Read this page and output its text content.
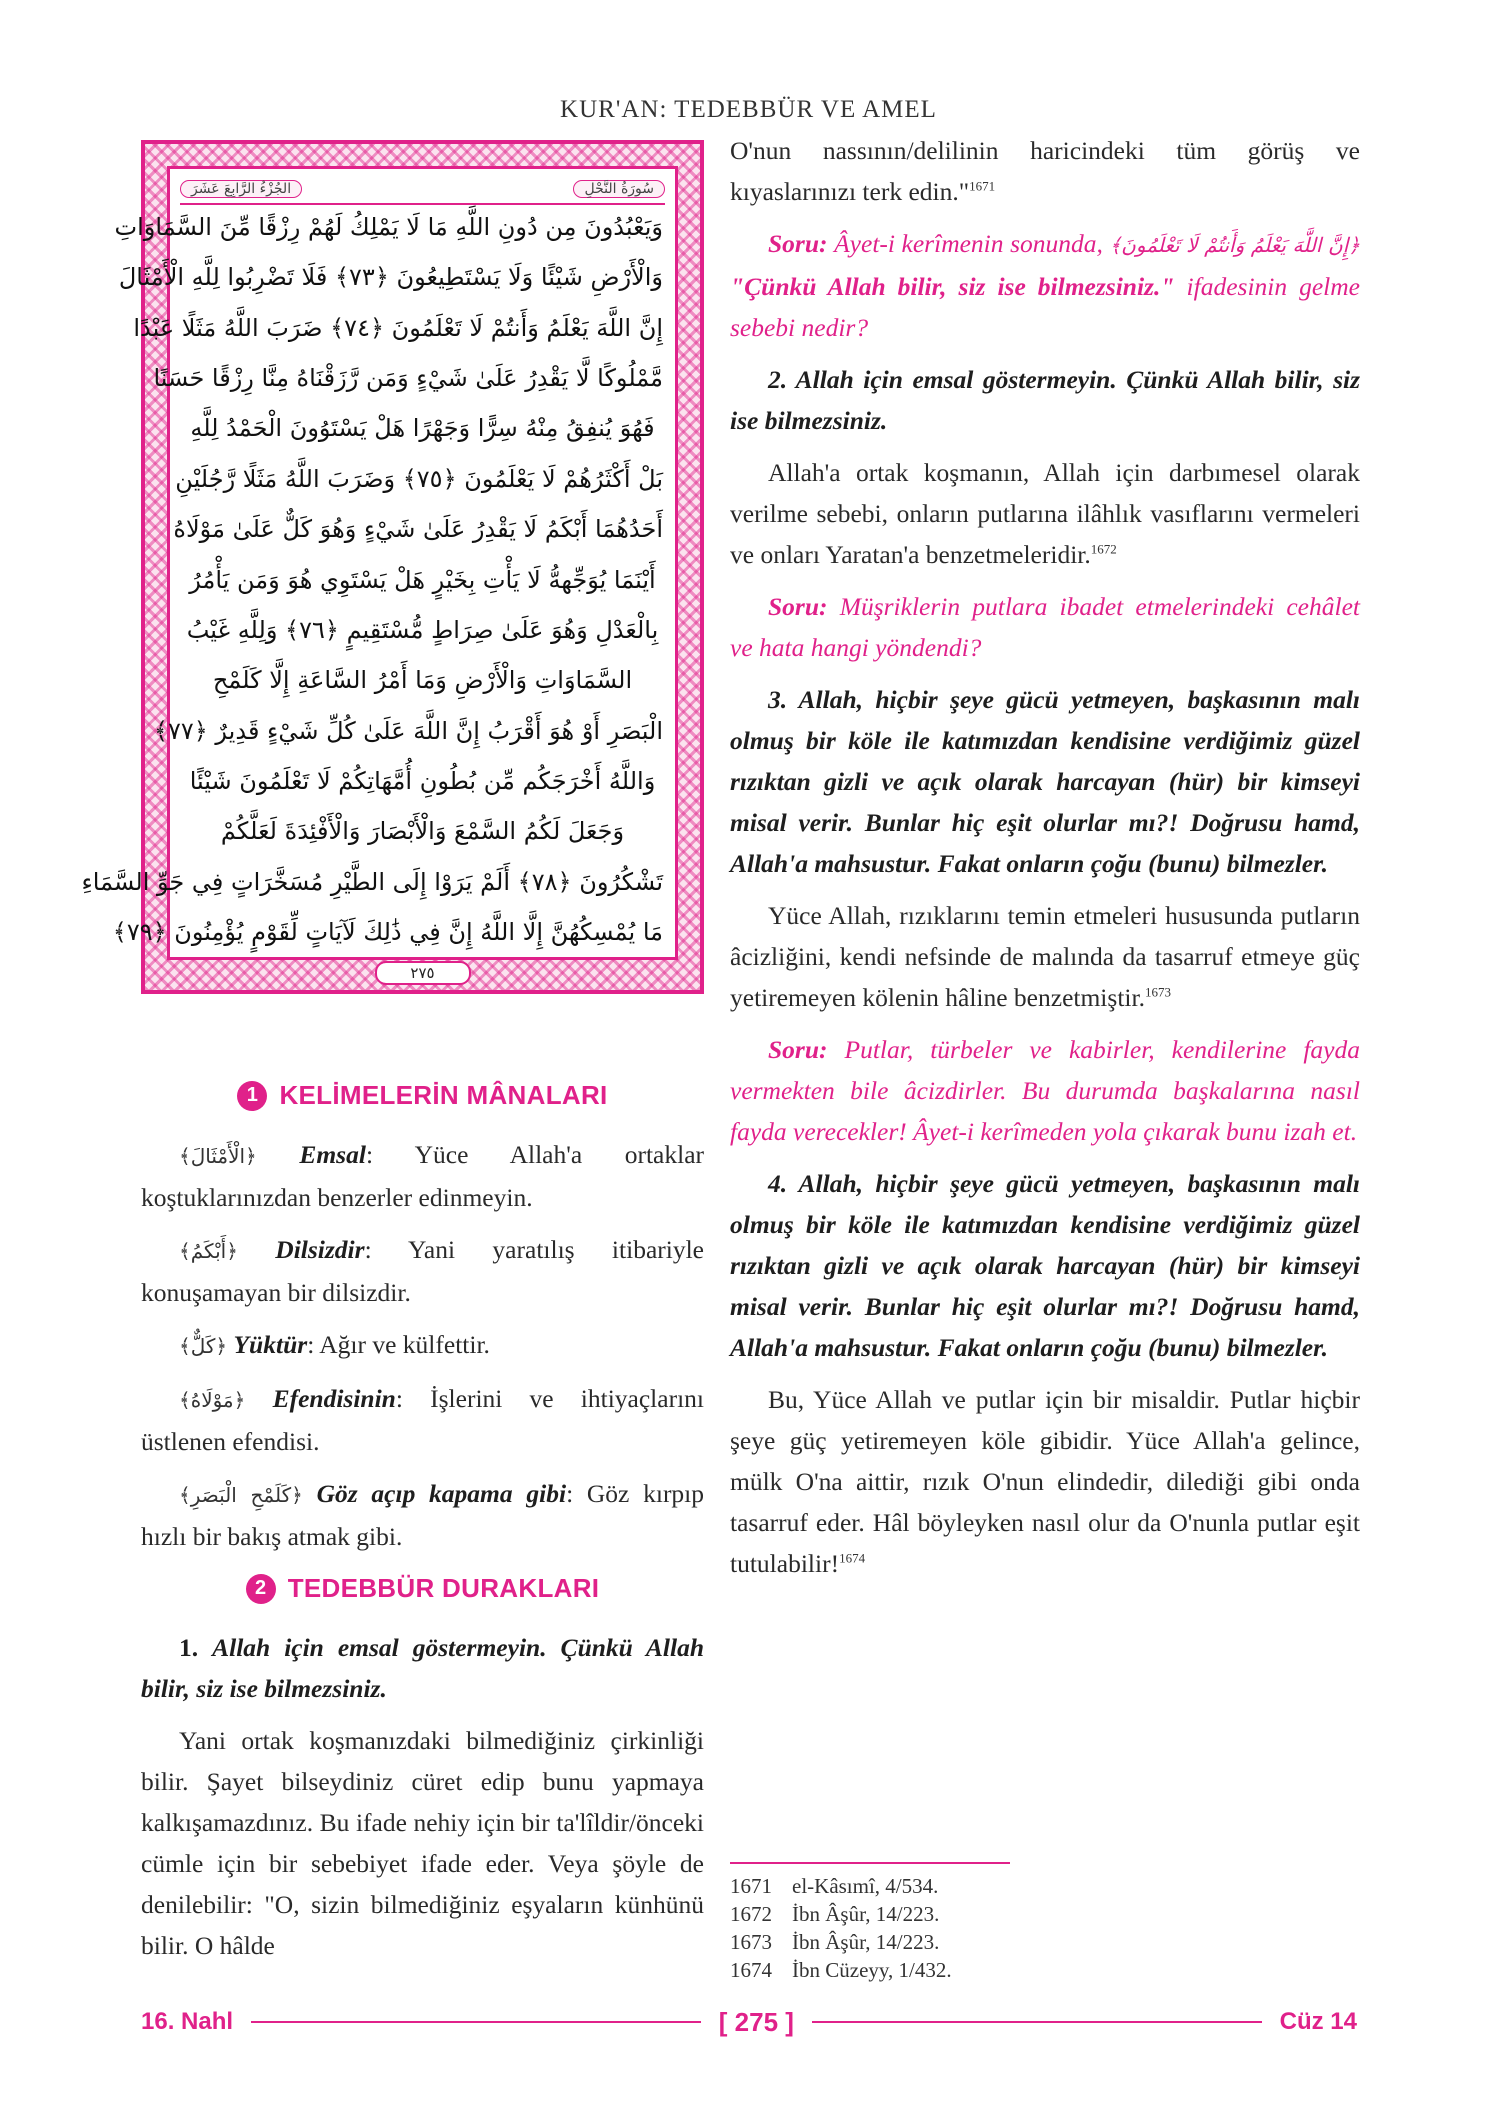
KUR'AN: TEDEBBÜR VE AMEL
سُورَةُ النَّحْلِ
الجُزْءُ الرَّابِعَ عَشَرَ
وَيَعْبُدُونَ مِن دُونِ اللَّهِ مَا لَا يَمْلِكُ لَهُمْ رِزْقًا مِّنَ السَّمَاوَاتِ
وَالْأَرْضِ شَيْئًا وَلَا يَسْتَطِيعُونَ ﴿٧٣﴾ فَلَا تَضْرِبُوا لِلَّهِ الْأَمْثَالَ
إِنَّ اللَّهَ يَعْلَمُ وَأَنتُمْ لَا تَعْلَمُونَ ﴿٧٤﴾ ضَرَبَ اللَّهُ مَثَلًا عَبْدًا
مَّمْلُوكًا لَّا يَقْدِرُ عَلَىٰ شَيْءٍ وَمَن رَّزَقْنَاهُ مِنَّا رِزْقًا حَسَنًا
فَهُوَ يُنفِقُ مِنْهُ سِرًّا وَجَهْرًا هَلْ يَسْتَوُونَ الْحَمْدُ لِلَّهِ
بَلْ أَكْثَرُهُمْ لَا يَعْلَمُونَ ﴿٧٥﴾ وَضَرَبَ اللَّهُ مَثَلًا رَّجُلَيْنِ
أَحَدُهُمَا أَبْكَمُ لَا يَقْدِرُ عَلَىٰ شَيْءٍ وَهُوَ كَلٌّ عَلَىٰ مَوْلَاهُ
أَيْنَمَا يُوَجِّههُّ لَا يَأْتِ بِخَيْرٍ هَلْ يَسْتَوِي هُوَ وَمَن يَأْمُرُ
بِالْعَدْلِ وَهُوَ عَلَىٰ صِرَاطٍ مُّسْتَقِيمٍ ﴿٧٦﴾ وَلِلَّهِ غَيْبُ
السَّمَاوَاتِ وَالْأَرْضِ وَمَا أَمْرُ السَّاعَةِ إِلَّا كَلَمْحِ
الْبَصَرِ أَوْ هُوَ أَقْرَبُ إِنَّ اللَّهَ عَلَىٰ كُلِّ شَيْءٍ قَدِيرٌ ﴿٧٧﴾
وَاللَّهُ أَخْرَجَكُم مِّن بُطُونِ أُمَّهَاتِكُمْ لَا تَعْلَمُونَ شَيْئًا
وَجَعَلَ لَكُمُ السَّمْعَ وَالْأَبْصَارَ وَالْأَفْئِدَةَ لَعَلَّكُمْ
تَشْكُرُونَ ﴿٧٨﴾ أَلَمْ يَرَوْا إِلَى الطَّيْرِ مُسَخَّرَاتٍ فِي جَوِّ السَّمَاءِ
مَا يُمْسِكُهُنَّ إِلَّا اللَّهُ إِنَّ فِي ذَٰلِكَ لَآيَاتٍ لِّقَوْمٍ يُؤْمِنُونَ ﴿٧٩﴾
٢٧٥
1 KELİMELERİN MÂNALARI

﴿الْأَمْثَالَ﴾ Emsal: Yüce Allah'a ortaklar koştuklarınızdan benzerler edinmeyin.

﴿أَبْكَمُ﴾ Dilsizdir: Yani yaratılış itibariyle konuşamayan bir dilsizdir.

﴿كَلٌّ﴾ Yüktür: Ağır ve külfettir.

﴿مَوْلَاهُ﴾ Efendisinin: İşlerini ve ihtiyaçlarını üstlenen efendisi.

﴿كَلَمْحِ الْبَصَرِ﴾ Göz açıp kapama gibi: Göz kırpıp hızlı bir bakış atmak gibi.

2 TEDEBBÜR DURAKLARI

1. Allah için emsal göstermeyin. Çünkü Allah bilir, siz ise bilmezsiniz.

Yani ortak koşmanızdaki bilmediğiniz çirkinliği bilir. Şayet bilseydiniz cüret edip bunu yapmaya kalkışamazdınız. Bu ifade nehiy için bir ta'lîldir/önceki cümle için bir sebebiyet ifade eder. Veya şöyle de denilebilir: "O, sizin bilmediğiniz eşyaların künhünü bilir. O hâlde

O'nun nassının/delilinin haricindeki tüm görüş ve kıyaslarınızı terk edin."$^{1671}$

Soru: Âyet-i kerîmenin sonunda, ﴿إِنَّ اللَّهَ يَعْلَمُ وَأَنتُمْ لَا تَعْلَمُونَ﴾ "Çünkü Allah bilir, siz ise bilmezsiniz." ifadesinin gelme sebebi nedir?

2. Allah için emsal göstermeyin. Çünkü Allah bilir, siz ise bilmezsiniz.

Allah'a ortak koşmanın, Allah için darbımesel olarak verilme sebebi, onların putlarına ilâhlık vasıflarını vermeleri ve onları Yaratan'a benzetmeleridir.$^{1672}$

Soru: Müşriklerin putlara ibadet etmelerindeki cehâlet ve hata hangi yöndendi?

3. Allah, hiçbir şeye gücü yetmeyen, başkasının malı olmuş bir köle ile katımızdan kendisine verdiğimiz güzel rızıktan gizli ve açık olarak harcayan (hür) bir kimseyi misal verir. Bunlar hiç eşit olurlar mı?! Doğrusu hamd, Allah'a mahsustur. Fakat onların çoğu (bunu) bilmezler.

Yüce Allah, rızıklarını temin etmeleri hususunda putların âcizliğini, kendi nefsinde de malında da tasarruf etmeye güç yetiremeyen kölenin hâline benzetmiştir.$^{1673}$

Soru: Putlar, türbeler ve kabirler, kendilerine fayda vermekten bile âcizdirler. Bu durumda başkalarına nasıl fayda verecekler! Âyet-i kerîmeden yola çıkarak bunu izah et.

4. Allah, hiçbir şeye gücü yetmeyen, başkasının malı olmuş bir köle ile katımızdan kendisine verdiğimiz güzel rızıktan gizli ve açık olarak harcayan (hür) bir kimseyi misal verir. Bunlar hiç eşit olurlar mı?! Doğrusu hamd, Allah'a mahsustur. Fakat onların çoğu (bunu) bilmezler.

Bu, Yüce Allah ve putlar için bir misaldir. Putlar hiçbir şeye güç yetiremeyen köle gibidir. Yüce Allah'a gelince, mülk O'na aittir, rızık O'nun elindedir, dilediği gibi onda tasarruf eder. Hâl böyleyken nasıl olur da O'nunla putlar eşit tutulabilir!$^{1674}$

1671 el-Kâsımî, 4/534.
1672 İbn Âşûr, 14/223.
1673 İbn Âşûr, 14/223.
1674 İbn Cüzeyy, 1/432.
16. Nahl	[ 275 ]	Cüz 14
